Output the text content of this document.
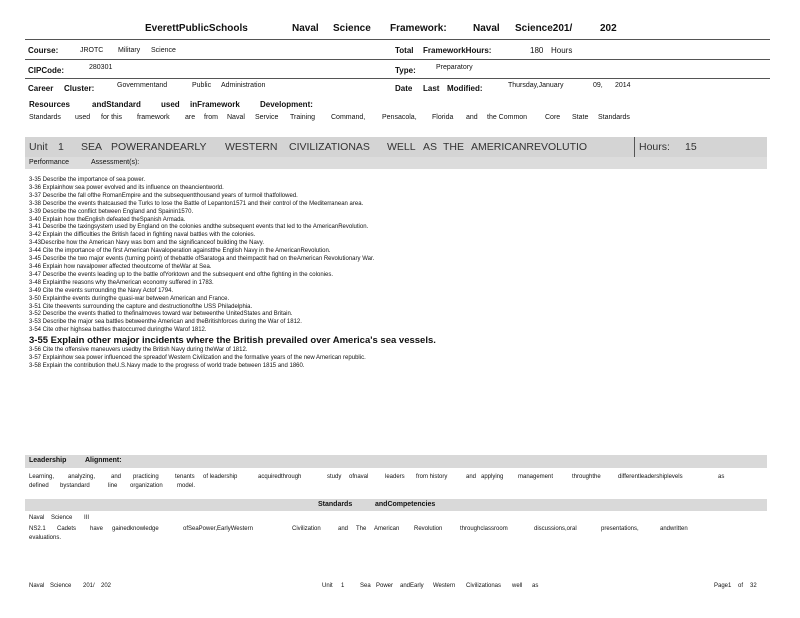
EverettPublicSchools	Naval Science Framework:	Naval Science201/	202
Course:	JROTC Military Science	Total FrameworkHours:	180 Hours
CIPCode:	280301	Type:	Preparatory
Career Cluster:	Governmentand	Public Administration	Date Last Modified:	Thursday,January	09, 2014
Resources	andStandard	used inFramework	Development:
Standards used for this framework are from Naval Service Training Command, Pensacola, Florida and the Common	Core State Standards
Unit 1 SEA POWERANDEARLY WESTERN CIVILIZATIONAS WELL AS THE AMERICANREVOLUTIO	Hours: 15
Performance	Assessment(s):
3-35 Describe the importance of sea power.
3-36 Explainhow sea power evolved and its influence on theancientworld.
3-37 Describe the fall ofthe RomanEmpire and the subsequentthousand years of turmoil thatfollowed.
3-38 Describe the events thatcaused the Turks to lose the Battle of Lepanton1571 and their control of the Mediterranean area.
3-39 Describe the conflict between England and Spainin1570.
3-40 Explain how theEnglish defeated theSpanish Armada.
3-41 Describe the taxingsystem used by England on the colonies andthe subsequent events that led to the AmericanRevolution.
3-42 Explain the difficulties the British faced in fighting naval battles with the colonies.
3-43Describe how the American Navy was born and the significanceof building the Navy.
3-44 Cite the importance of the first American Navaloperation againstthe English Navy in the AmericanRevolution.
3-45 Describe the two major events (turning point) of thebattle ofSaratoga and theimpactit had on theAmerican Revolutionary War.
3-46 Explain how navalpower affected theoutcome of theWar at Sea.
3-47 Describe the events leading up to the battle ofYorktown and the subsequent end ofthe fighting in the colonies.
3-48 Explainthe reasons why theAmerican economy suffered in 1783.
3-49 Cite the events surrounding the Navy Actof 1794.
3-50 Explainthe events duringthe quasi-war between American and France.
3-51 Cite theevents surrounding the capture and destructionofthe USS Philadelphia.
3-52 Describe the events thatled to thefinalmoves toward war betweenthe UnitedStates and Britain.
3-53 Describe the major sea battles betweenthe American and theBritishforces during the War of 1812.
3-54 Cite other highsea battles thatoccurred duringthe Warof 1812.
3-55 Explain other major incidents where the British prevailed over America's sea vessels.
3-56 Cite the offensive maneuvers usedby the British Navy during theWar of 1812.
3-57 Explainhow sea power influenced the spreadof Western Civilization and the formative years of the new American republic.
3-58 Explain the contribution theU.S.Navy made to the progress of world trade between 1815 and 1860.
Leadership	Alignment:
Learning, analyzing,	and practicing	tenants of leadership	acquiredthrough	study ofnaval	leaders from history	and applying management	throughthe	differentleadershiplevels	as
defined bystandard	line organization model.
Standards	andCompetencies
Naval    Science       III
NS2.1 Cadets have gainedknowledge	ofSeaPower,EarlyWestern	Civilization	and The American Revolution	throughclassroom	discussions,oral	presentations,	andwritten
evaluations.
Naval Science 201/ 202	Unit 1	Sea Power andEarly Western Civilizationas well as	Page1 of 32
